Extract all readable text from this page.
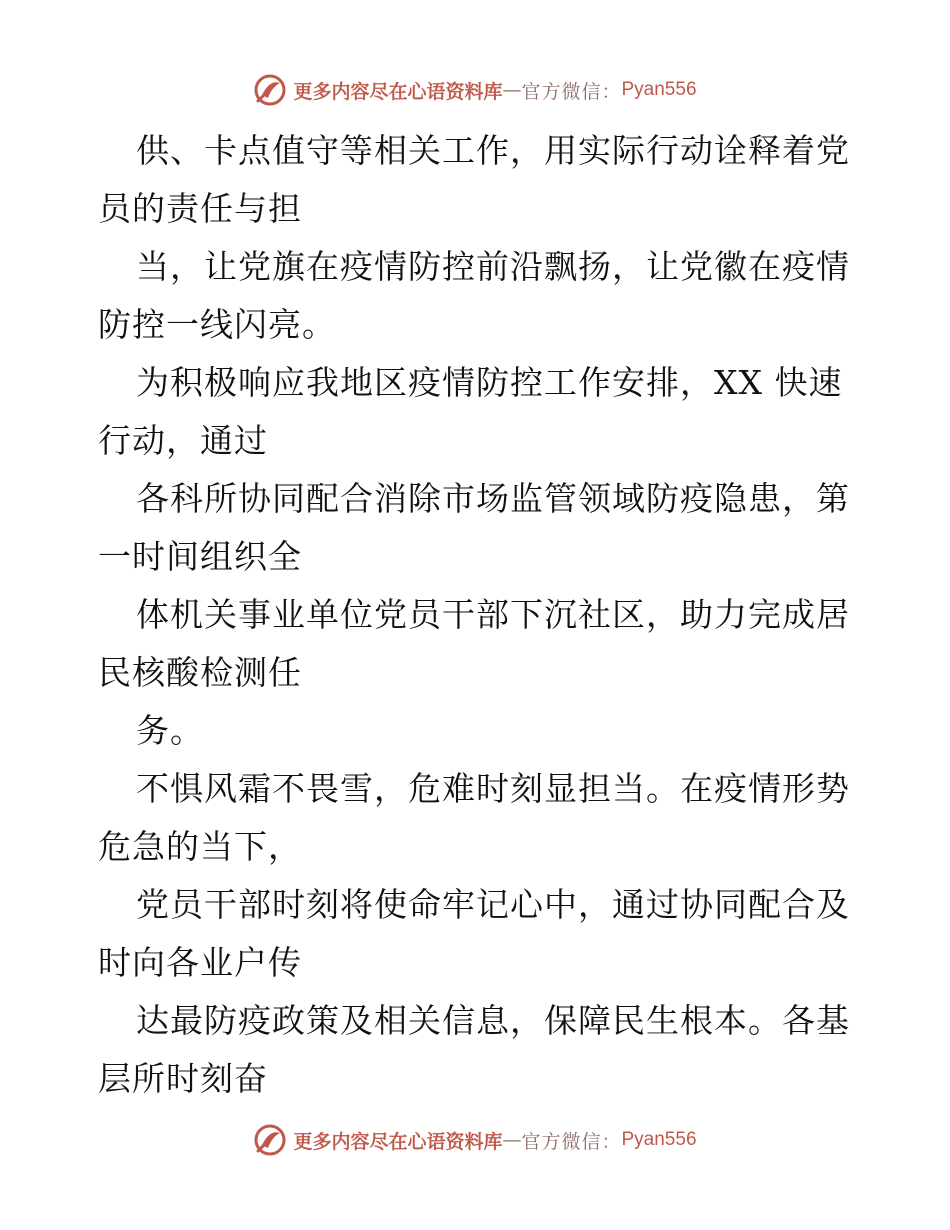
更多内容尽在心语资料库 — 官方微信： Pyan556
供、卡点值守等相关工作，用实际行动诠释着党
员的责任与担
当，让党旗在疫情防控前沿飘扬，让党徽在疫情
防控一线闪亮。
为积极响应我地区疫情防控工作安排，XX 快速
行动，通过
各科所协同配合消除市场监管领域防疫隐患，第
一时间组织全
体机关事业单位党员干部下沉社区，助力完成居
民核酸检测任
务。
不惧风霜不畏雪，危难时刻显担当。在疫情形势
危急的当下，
党员干部时刻将使命牢记心中，通过协同配合及
时向各业户传
达最防疫政策及相关信息，保障民生根本。各基
层所时刻奋
更多内容尽在心语资料库 — 官方微信： Pyan556
